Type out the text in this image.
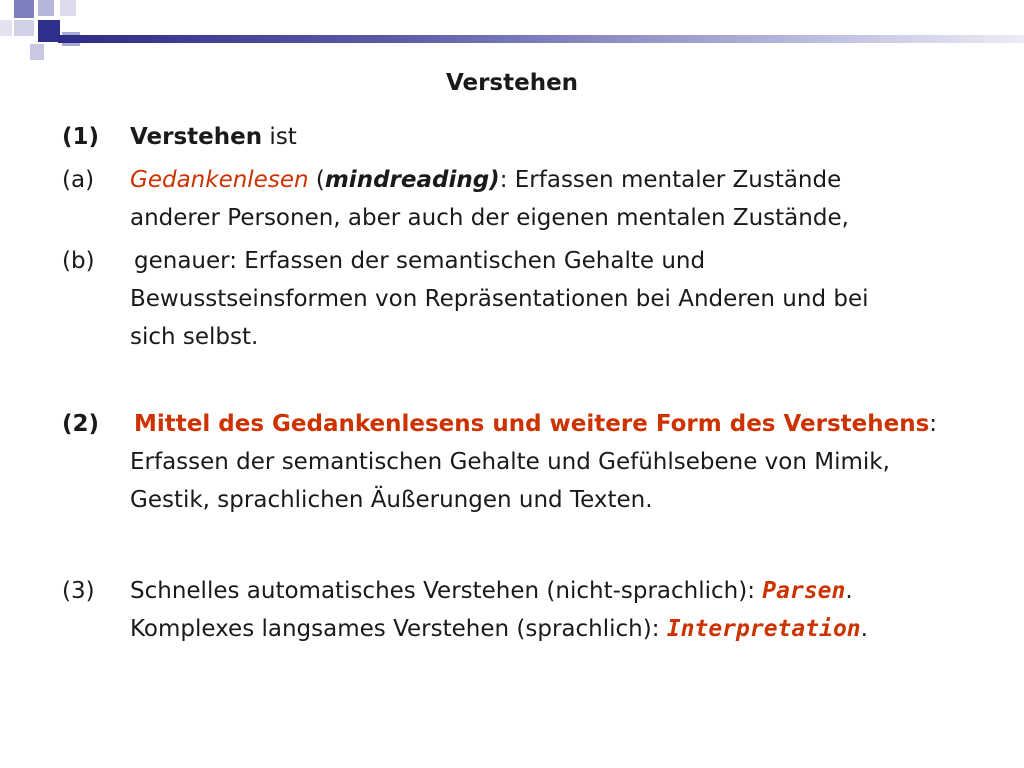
Verstehen
(1) Verstehen ist
(a) Gedankenlesen (mindreading): Erfassen mentaler Zustände
anderer Personen, aber auch der eigenen mentalen Zustände,
(b) genauer: Erfassen der semantischen Gehalte und
Bewusstseinsformen von Repräsentationen bei Anderen und bei
sich selbst.
(2) Mittel des Gedankenlesens und weitere Form des Verstehens:
Erfassen der semantischen Gehalte und Gefühlsebene von Mimik,
Gestik, sprachlichen Äußerungen und Texten.
(3) Schnelles automatisches Verstehen (nicht-sprachlich): Parsen.
Komplexes langsames Verstehen (sprachlich): Interpretation.
